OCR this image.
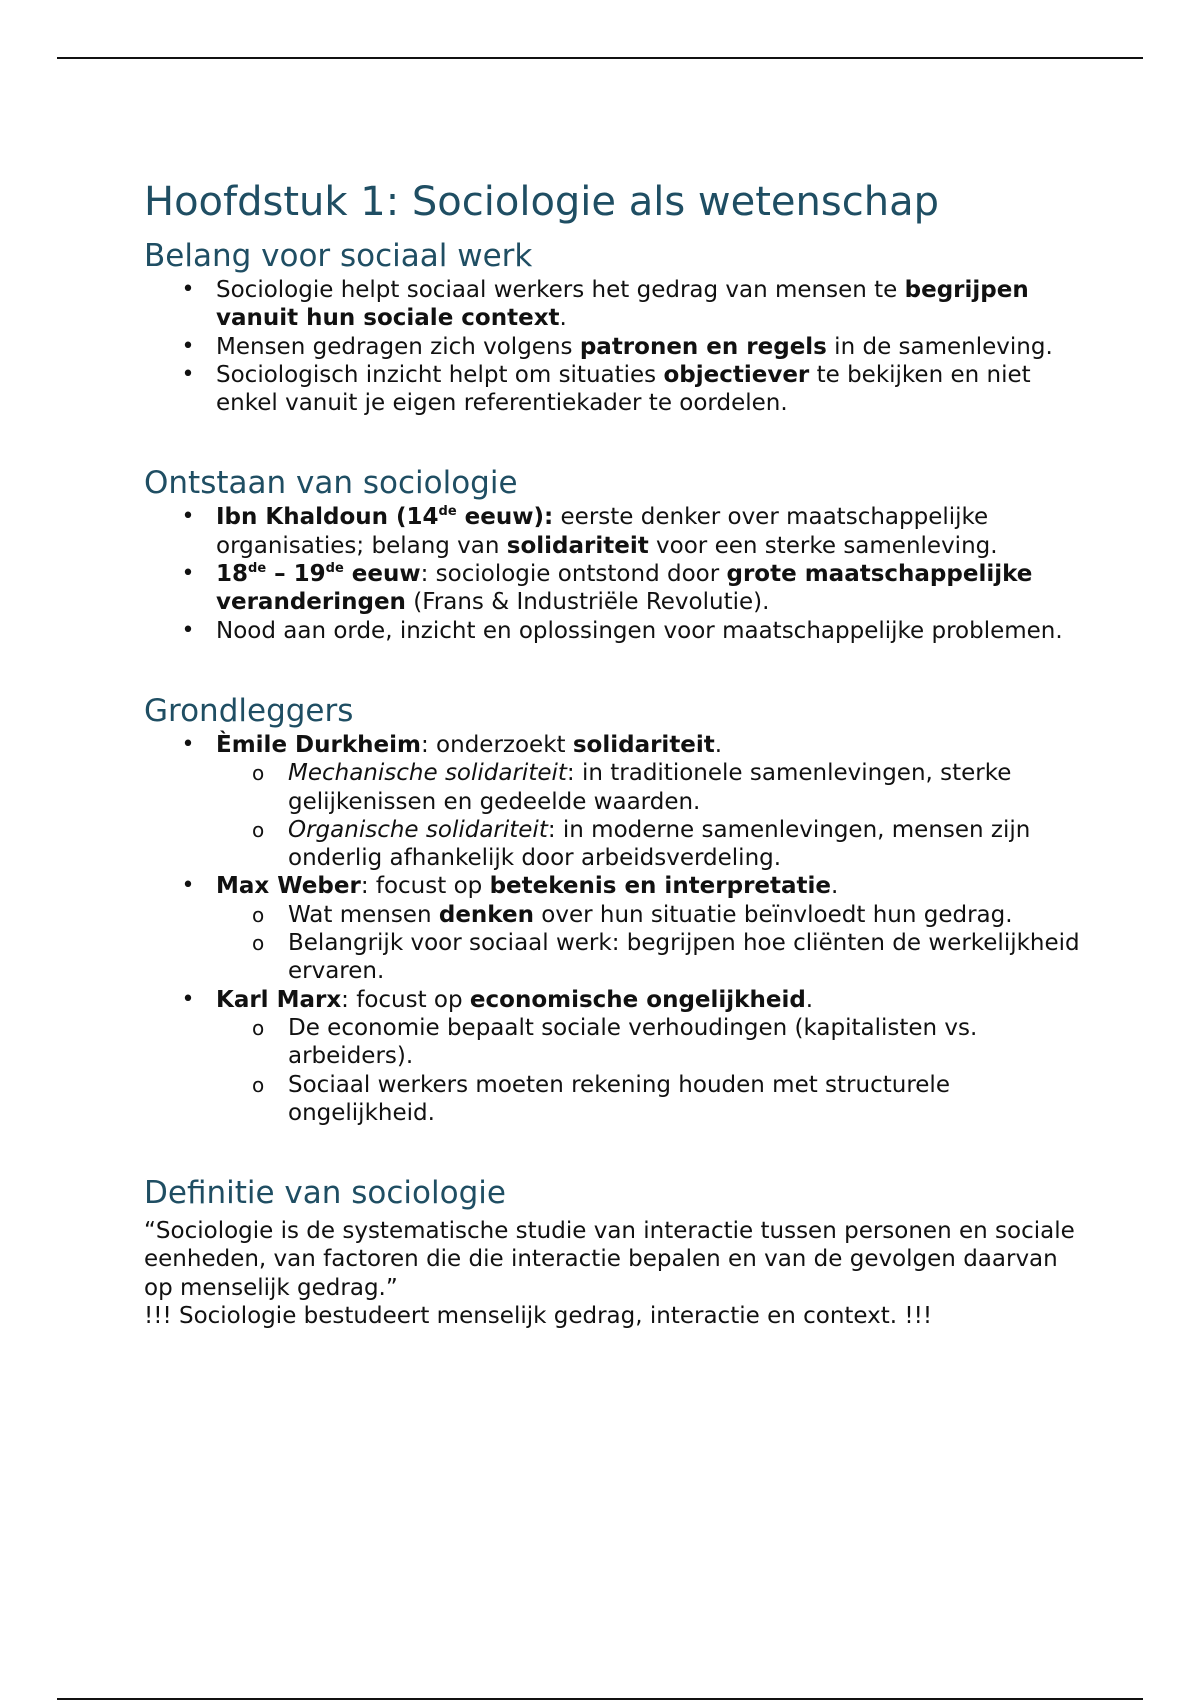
Hoofdstuk 1: Sociologie als wetenschap
Belang voor sociaal werk
• Sociologie helpt sociaal werkers het gedrag van mensen te begrijpen vanuit hun sociale context.
• Mensen gedragen zich volgens patronen en regels in de samenleving.
• Sociologisch inzicht helpt om situaties objectiever te bekijken en niet enkel vanuit je eigen referentiekader te oordelen.
Ontstaan van sociologie
• Ibn Khaldoun (14de eeuw): eerste denker over maatschappelijke organisaties; belang van solidariteit voor een sterke samenleving.
• 18de – 19de eeuw: sociologie ontstond door grote maatschappelijke veranderingen (Frans & Industriële Revolutie).
• Nood aan orde, inzicht en oplossingen voor maatschappelijke problemen.
Grondleggers
• Èmile Durkheim: onderzoekt solidariteit.
o Mechanische solidariteit: in traditionele samenlevingen, sterke gelijkenissen en gedeelde waarden.
o Organische solidariteit: in moderne samenlevingen, mensen zijn onderlig afhankelijk door arbeidsverdeling.
• Max Weber: focust op betekenis en interpretatie.
o Wat mensen denken over hun situatie beïnvloedt hun gedrag.
o Belangrijk voor sociaal werk: begrijpen hoe cliënten de werkelijkheid ervaren.
• Karl Marx: focust op economische ongelijkheid.
o De economie bepaalt sociale verhoudingen (kapitalisten vs. arbeiders).
o Sociaal werkers moeten rekening houden met structurele ongelijkheid.
Definitie van sociologie

“Sociologie is de systematische studie van interactie tussen personen en sociale eenheden, van factoren die die interactie bepalen en van de gevolgen daarvan op menselijk gedrag.”

!!! Sociologie bestudeert menselijk gedrag, interactie en context. !!!
